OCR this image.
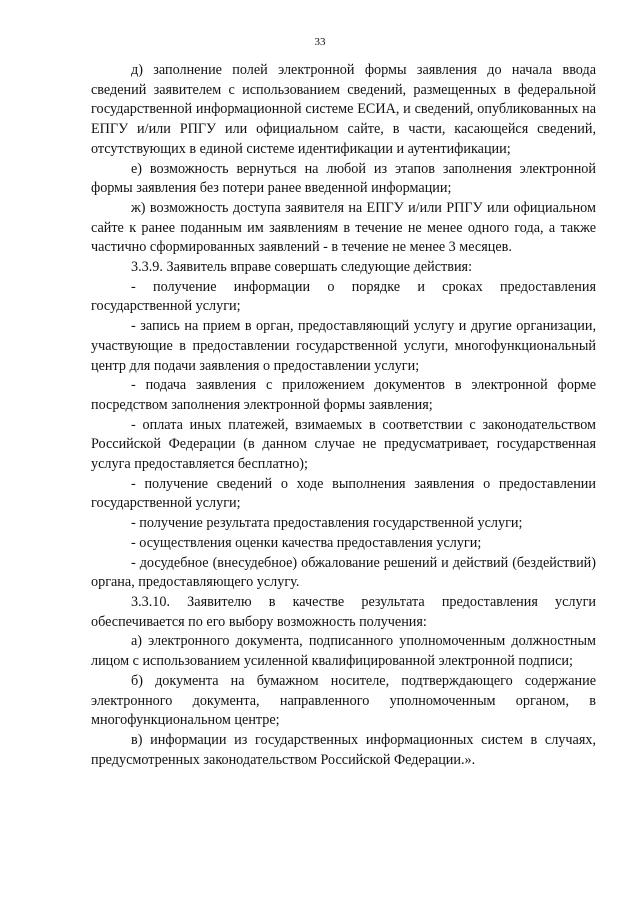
33

д) заполнение полей электронной формы заявления до начала ввода сведений заявителем с использованием сведений, размещенных в федеральной государственной информационной системе ЕСИА, и сведений, опубликованных на ЕПГУ и/или РПГУ или официальном сайте, в части, касающейся сведений, отсутствующих в единой системе идентификации и аутентификации;

е) возможность вернуться на любой из этапов заполнения электронной формы заявления без потери ранее введенной информации;

ж) возможность доступа заявителя на ЕПГУ и/или РПГУ или официальном сайте к ранее поданным им заявлениям в течение не менее одного года, а также частично сформированных заявлений - в течение не менее 3 месяцев.

3.3.9. Заявитель вправе совершать следующие действия:

- получение информации о порядке и сроках предоставления государственной услуги;

- запись на прием в орган, предоставляющий услугу и другие организации, участвующие в предоставлении государственной услуги, многофункциональный центр для подачи заявления о предоставлении услуги;

- подача заявления с приложением документов в электронной форме посредством заполнения электронной формы заявления;

- оплата иных платежей, взимаемых в соответствии с законодательством Российской Федерации (в данном случае не предусматривает, государственная услуга предоставляется бесплатно);

- получение сведений о ходе выполнения заявления о предоставлении государственной услуги;

- получение результата предоставления государственной услуги;

- осуществления оценки качества предоставления услуги;

- досудебное (внесудебное) обжалование решений и действий (бездействий) органа, предоставляющего услугу.

3.3.10. Заявителю в качестве результата предоставления услуги обеспечивается по его выбору возможность получения:

а) электронного документа, подписанного уполномоченным должностным лицом с использованием усиленной квалифицированной электронной подписи;

б) документа на бумажном носителе, подтверждающего содержание электронного документа, направленного уполномоченным органом, в многофункциональном центре;

в) информации из государственных информационных систем в случаях, предусмотренных законодательством Российской Федерации.».
